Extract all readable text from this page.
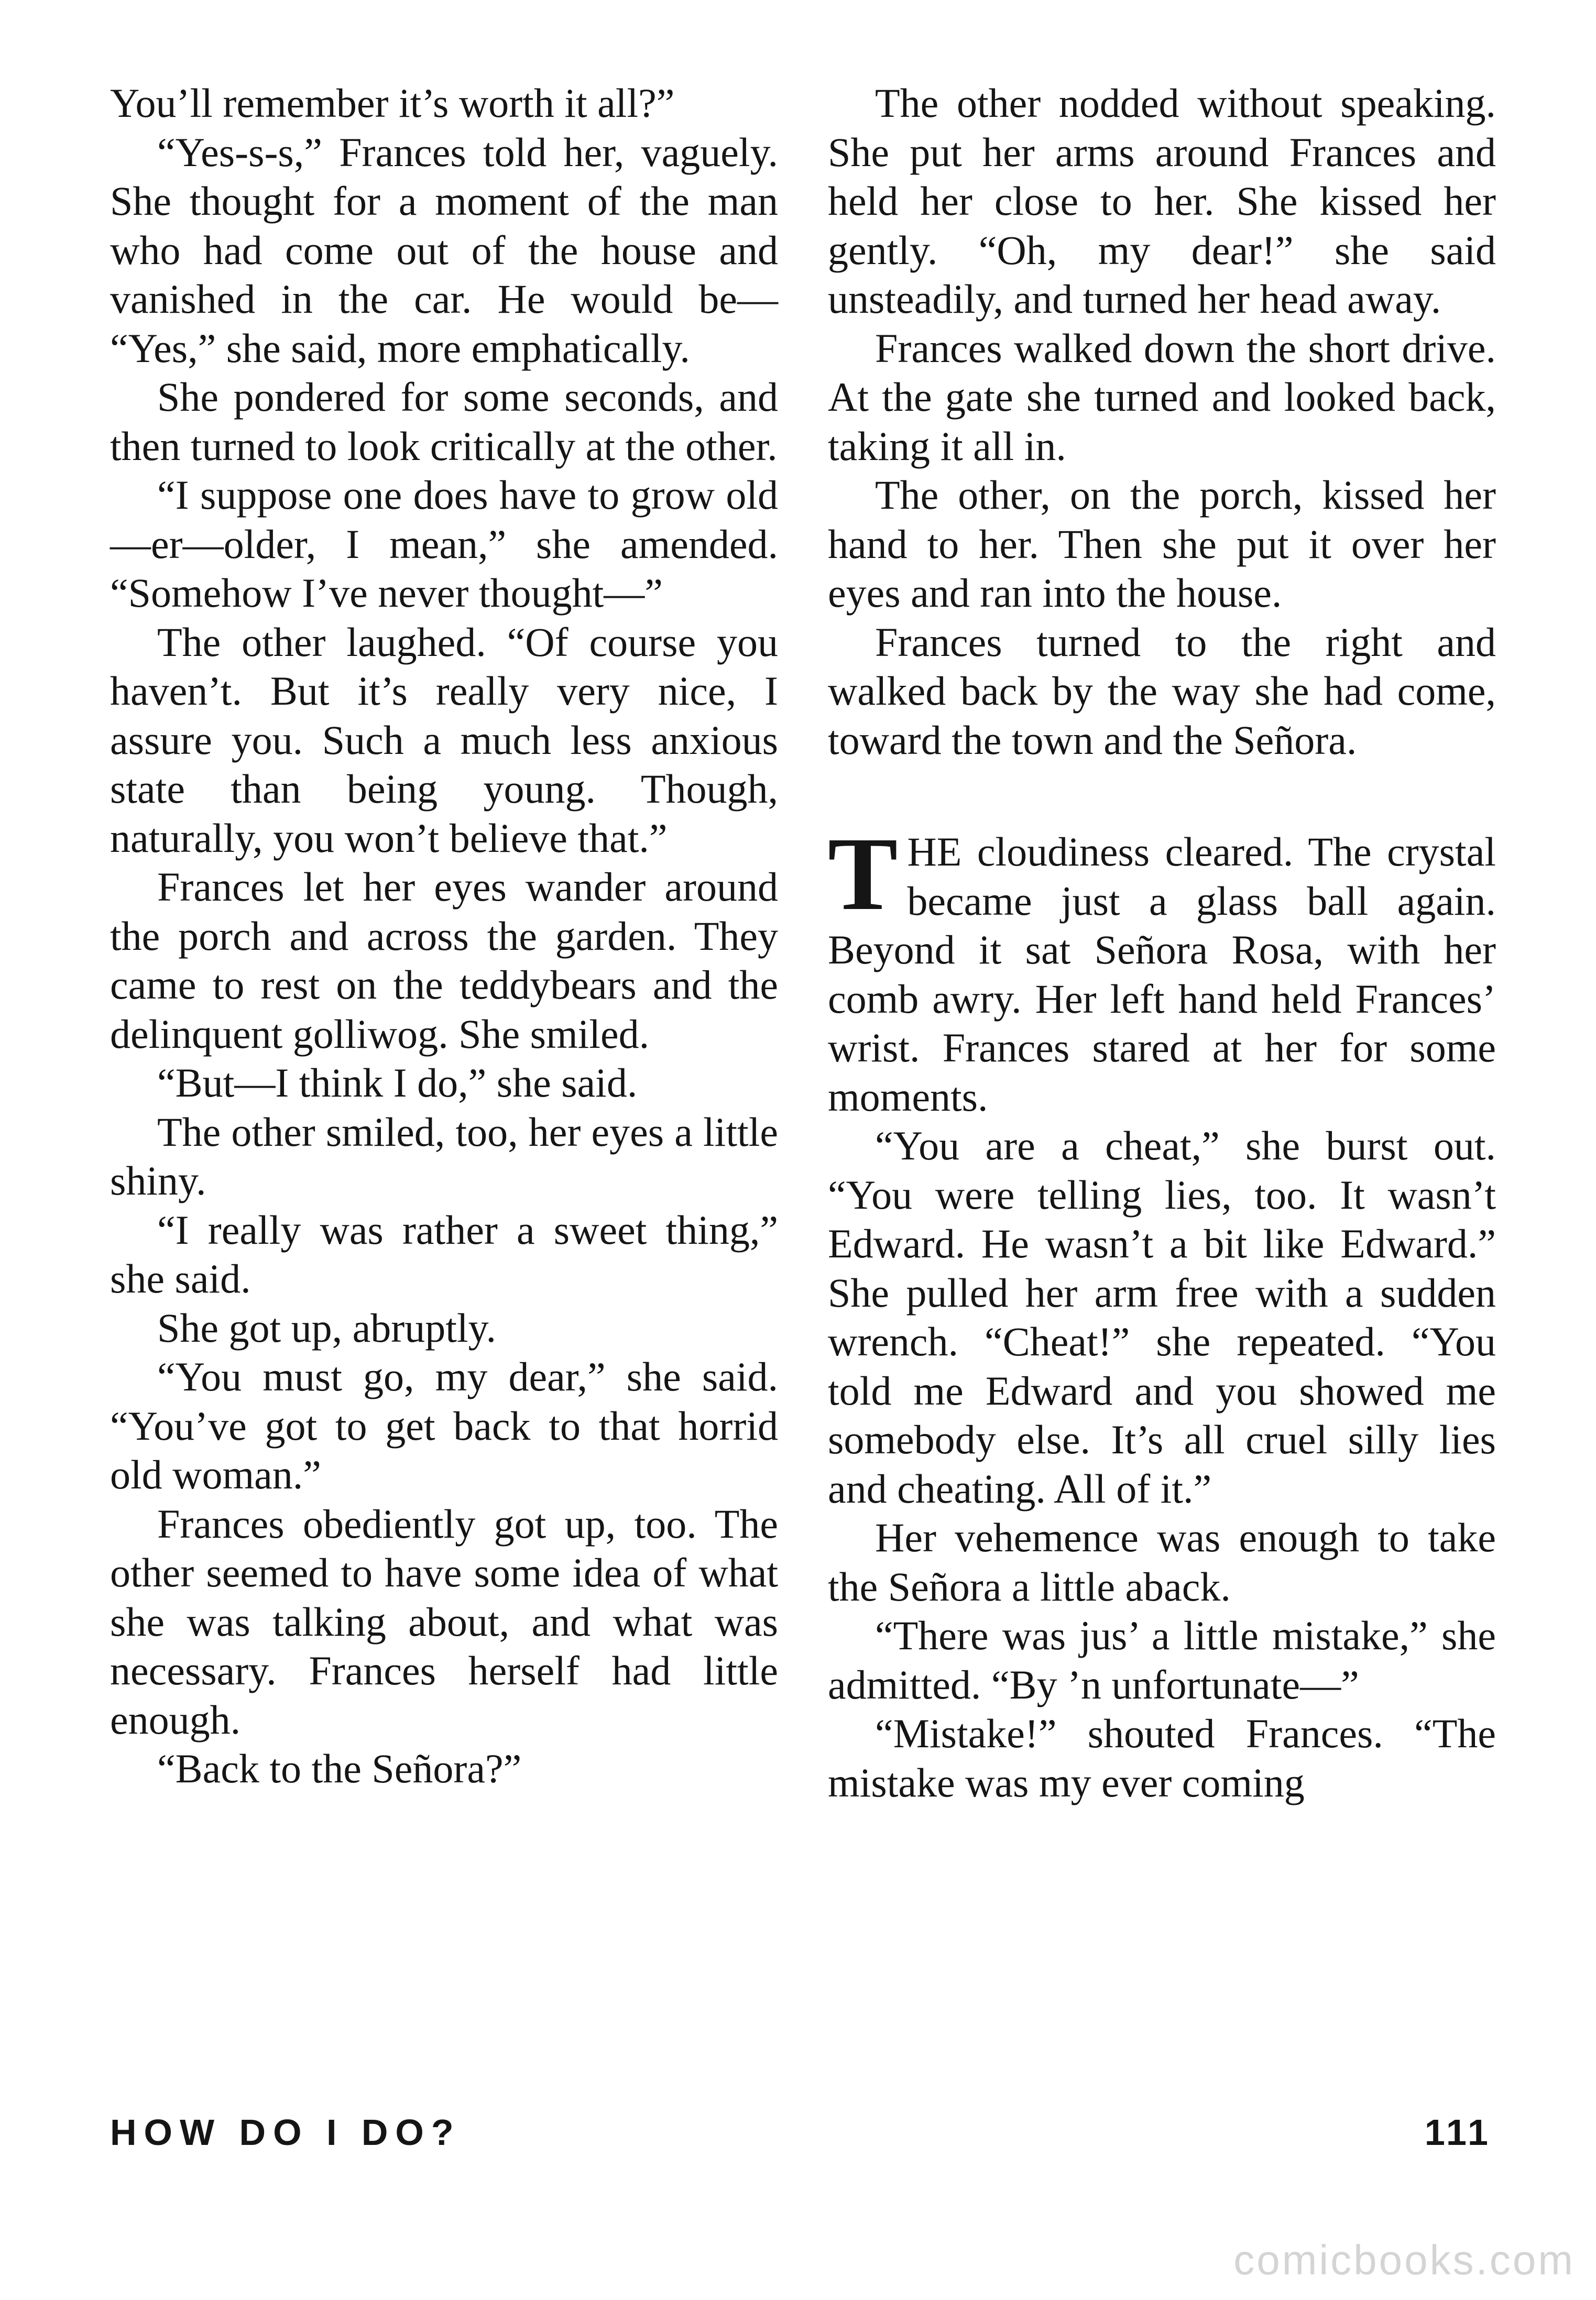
You’ll remember it’s worth it all?”

“Yes-s-s,” Frances told her, vaguely. She thought for a moment of the man who had come out of the house and vanished in the car. He would be— “Yes,” she said, more emphatically.

She pondered for some seconds, and then turned to look critically at the other.

“I suppose one does have to grow old—er—older, I mean,” she amended. “Somehow I’ve never thought—”

The other laughed. “Of course you haven’t. But it’s really very nice, I assure you. Such a much less anxious state than being young. Though, naturally, you won’t believe that.”

Frances let her eyes wander around the porch and across the garden. They came to rest on the teddybears and the delinquent golliwog. She smiled.

“But—I think I do,” she said.

The other smiled, too, her eyes a little shiny.

“I really was rather a sweet thing,” she said.

She got up, abruptly.

“You must go, my dear,” she said. “You’ve got to get back to that horrid old woman.”

Frances obediently got up, too. The other seemed to have some idea of what she was talking about, and what was necessary. Frances herself had little enough.

“Back to the Señora?”

The other nodded without speaking. She put her arms around Frances and held her close to her. She kissed her gently. “Oh, my dear!” she said unsteadily, and turned her head away.

Frances walked down the short drive. At the gate she turned and looked back, taking it all in.

The other, on the porch, kissed her hand to her. Then she put it over her eyes and ran into the house.

Frances turned to the right and walked back by the way she had come, toward the town and the Señora.

THE cloudiness cleared. The crystal became just a glass ball again. Beyond it sat Señora Rosa, with her comb awry. Her left hand held Frances’ wrist. Frances stared at her for some moments.

“You are a cheat,” she burst out. “You were telling lies, too. It wasn’t Edward. He wasn’t a bit like Edward.” She pulled her arm free with a sudden wrench. “Cheat!” she repeated. “You told me Edward and you showed me somebody else. It’s all cruel silly lies and cheating. All of it.”

Her vehemence was enough to take the Señora a little aback.

“There was jus’ a little mistake,” she admitted. “By ’n unfortunate—”

“Mistake!” shouted Frances. “The mistake was my ever coming

HOW DO I DO?	111
comicbooks.com
